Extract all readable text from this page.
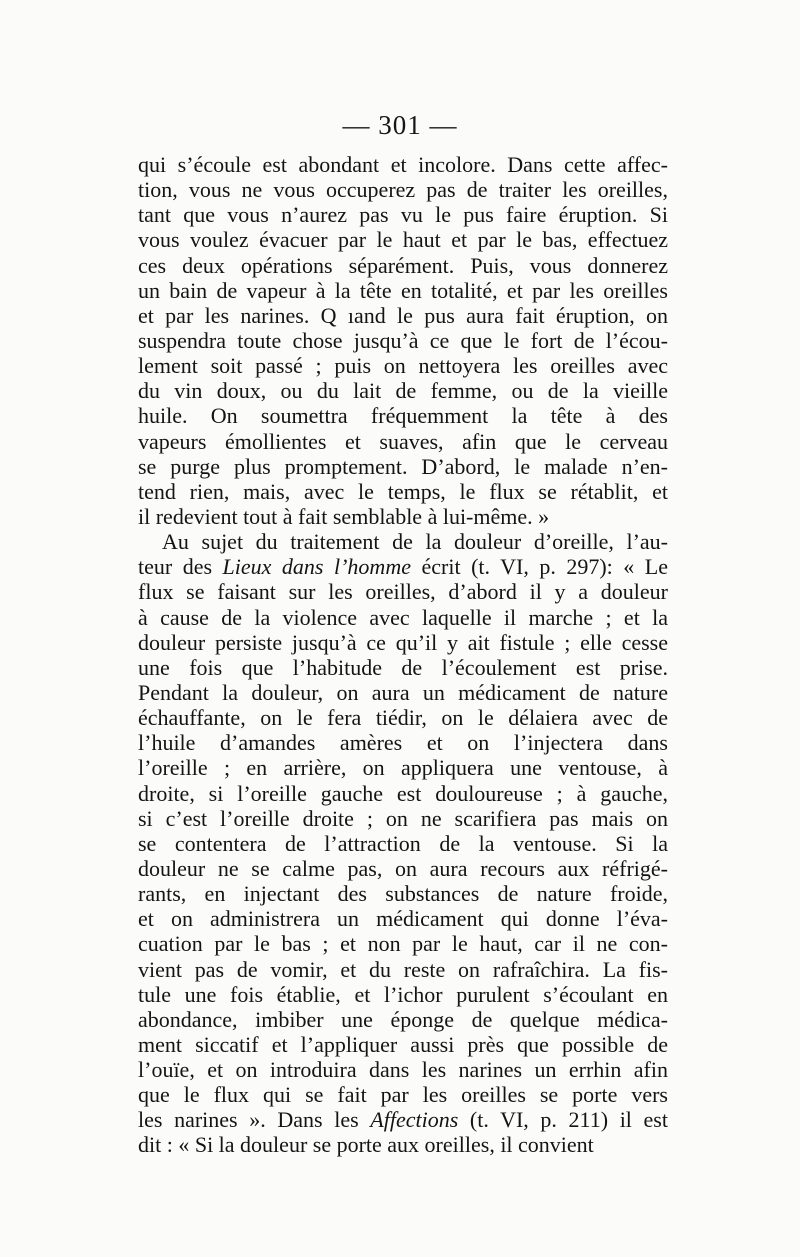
— 301 —
qui s’écoule est abondant et incolore. Dans cette affec-
tion, vous ne vous occuperez pas de traiter les oreilles,
tant que vous n’aurez pas vu le pus faire éruption. Si
vous voulez évacuer par le haut et par le bas, effectuez
ces deux opérations séparément. Puis, vous donnerez
un bain de vapeur à la tête en totalité, et par les oreilles
et par les narines. Q ıand le pus aura fait éruption, on
suspendra toute chose jusqu’à ce que le fort de l’écou-
lement soit passé ; puis on nettoyera les oreilles avec
du vin doux, ou du lait de femme, ou de la vieille
huile. On soumettra fréquemment la tête à des
vapeurs émollientes et suaves, afin que le cerveau
se purge plus promptement. D’abord, le malade n’en-
tend rien, mais, avec le temps, le flux se rétablit, et
il redevient tout à fait semblable à lui-même. »
Au sujet du traitement de la douleur d’oreille, l’au-
teur des Lieux dans l’homme écrit (t. VI, p. 297): « Le
flux se faisant sur les oreilles, d’abord il y a douleur
à cause de la violence avec laquelle il marche ; et la
douleur persiste jusqu’à ce qu’il y ait fistule ; elle cesse
une fois que l’habitude de l’écoulement est prise.
Pendant la douleur, on aura un médicament de nature
échauffante, on le fera tiédir, on le délaiera avec de
l’huile d’amandes amères et on l’injectera dans
l’oreille ; en arrière, on appliquera une ventouse, à
droite, si l’oreille gauche est douloureuse ; à gauche,
si c’est l’oreille droite ; on ne scarifiera pas mais on
se contentera de l’attraction de la ventouse. Si la
douleur ne se calme pas, on aura recours aux réfrigé-
rants, en injectant des substances de nature froide,
et on administrera un médicament qui donne l’éva-
cuation par le bas ; et non par le haut, car il ne con-
vient pas de vomir, et du reste on rafraîchira. La fis-
tule une fois établie, et l’ichor purulent s’écoulant en
abondance, imbiber une éponge de quelque médica-
ment siccatif et l’appliquer aussi près que possible de
l’ouïe, et on introduira dans les narines un errhin afin
que le flux qui se fait par les oreilles se porte vers
les narines ». Dans les Affections (t. VI, p. 211) il est
dit : « Si la douleur se porte aux oreilles, il convient
